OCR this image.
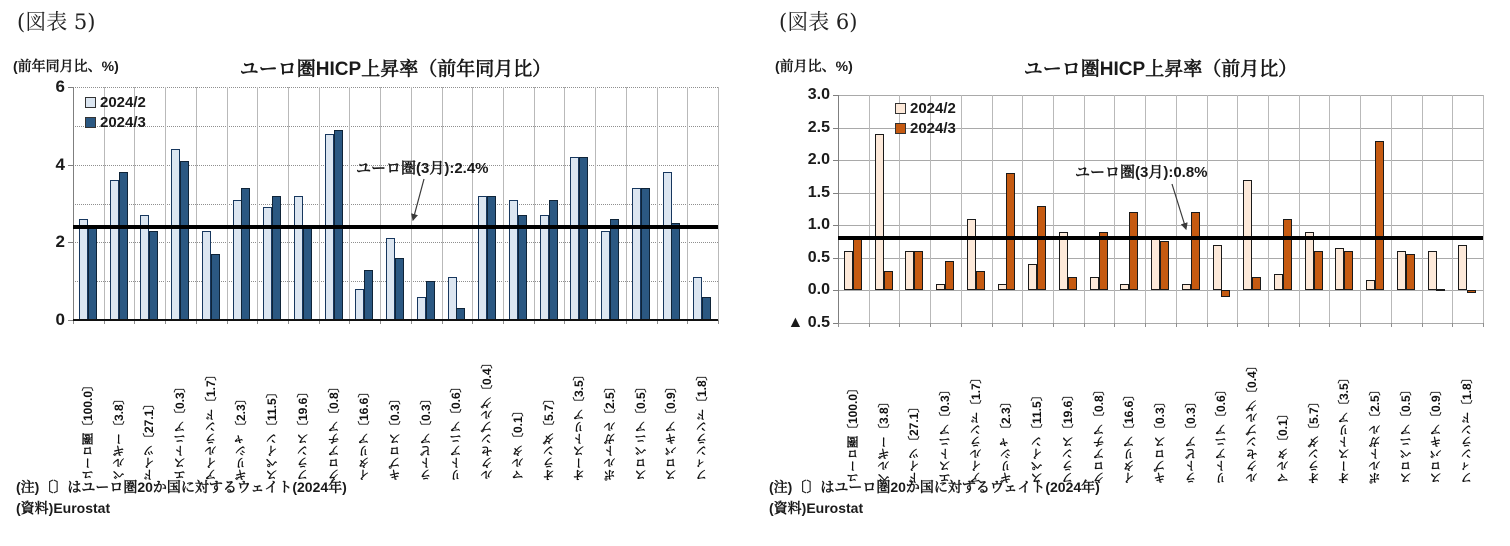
(図表 5)
(前年同月比、%)	ユーロ圏HICP上昇率（前年同月比）
2024/2
2024/3
6
4
2
0
ユーロ圏〔100.0〕 ベルギー〔3.8〕 ドイツ〔27.1〕 エストニア〔0.3〕 アイルランド〔1.7〕 ギリシャ〔2.3〕 スペイン〔11.5〕 フランス〔19.6〕 クロアチア〔0.8〕 イタリア〔16.6〕 キプロス〔0.3〕 ラトビア〔0.3〕 リトアニア〔0.6〕 ルクセンブルグ〔0.4〕 マルタ〔0.1〕 オランダ〔5.7〕 オーストリア〔3.5〕 ポルトガル〔2.5〕 スロベニア〔0.5〕 スロバキア〔0.9〕 フィンランド〔1.8〕
ユーロ圏(3月):2.4%
(注)〔〕はユーロ圏20か国に対するウェイト(2024年)
(資料)Eurostat
(図表 6)
(前月比、%)	ユーロ圏HICP上昇率（前月比）
2024/2
2024/3
3.0
2.5
2.0
1.5
1.0
0.5
0.0
▲ 0.5
ユーロ圏〔100.0〕 ベルギー〔3.8〕 ドイツ〔27.1〕 エストニア〔0.3〕 アイルランド〔1.7〕 ギリシャ〔2.3〕 スペイン〔11.5〕 フランス〔19.6〕 クロアチア〔0.8〕 イタリア〔16.6〕 キプロス〔0.3〕 ラトビア〔0.3〕 リトアニア〔0.6〕 ルクセンブルグ〔0.4〕 マルタ〔0.1〕 オランダ〔5.7〕 オーストリア〔3.5〕 ポルトガル〔2.5〕 スロベニア〔0.5〕 スロバキア〔0.9〕 フィンランド〔1.8〕
ユーロ圏(3月):0.8%
(注)〔〕はユーロ圏20か国に対するウェイト(2024年)
(資料)Eurostat
